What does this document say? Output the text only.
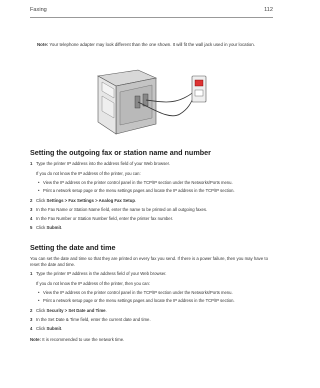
Faxing	112
Note: Your telephone adapter may look different than the one shown. It will fit the wall jack used in your location.
Setting the outgoing fax or station name and number
1 Type the printer IP address into the address field of your Web browser.
If you do not know the IP address of the printer, you can:
• View the IP address on the printer control panel in the TCP/IP section under the Networks/Ports menu.
• Print a network setup page or the menu settings pages and locate the IP address in the TCP/IP section.
2 Click Settings > Fax Settings > Analog Fax Setup.
3 In the Fax Name or Station Name field, enter the name to be printed on all outgoing faxes.
4 In the Fax Number or Station Number field, enter the printer fax number.
5 Click Submit.
Setting the date and time
You can set the date and time so that they are printed on every fax you send. If there is a power failure, then you may have to reset the date and time.
1 Type the printer IP address in the address field of your Web browser.
If you do not know the IP address of the printer, then you can:
• View the IP address on the printer control panel in the TCP/IP section under the Networks/Ports menu.
• Print a network setup page or the menu settings pages and locate the IP address in the TCP/IP section.
2 Click Security > Set Date and Time.
3 In the Set Date & Time field, enter the current date and time.
4 Click Submit.
Note: It is recommended to use the network time.
